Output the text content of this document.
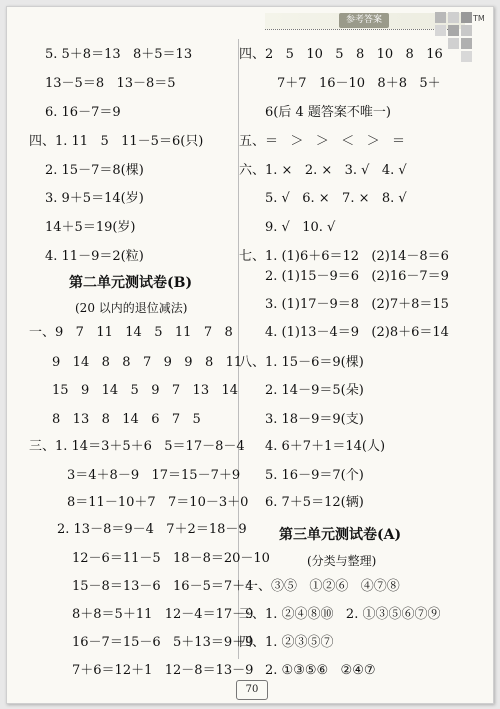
参考答案	TM
5. 5＋8＝13   8＋5＝13
13－5＝8   13－8＝5
6. 16－7＝9
四、1. 11   5   11－5＝6(只)
2. 15－7＝8(棵)
3. 9＋5＝14(岁)
14＋5＝19(岁)
4. 11－9＝2(粒)
9   14   8   8   7   9   9   8   11
15   9   14   5   9   7   13   14
8   13   8   14   6   7   5
三、1. 14＝3＋5＋6   5＝17－8－4
3＝4＋8－9   17＝15－7＋9
8＝11－10＋7   7＝10－3＋0
2. 13－8＝9－4   7＋2＝18－9
12－6＝11－5   18－8＝20－10
15－8＝13－6   16－5＝7＋4
8＋8＝5＋11   12－4＝17－9
16－7＝15－6   5＋13＝9＋9
7＋6＝12＋1   12－8＝13－9
第二单元测试卷(B)
(20 以内的退位减法)
一、9   7   11   14   5   11   7   8
四、2   5   10   5   8   10   8   16
7＋7   16－10   8＋8   5＋
6(后 4 题答案不唯一)
五、＝   ＞   ＞   ＜   ＞   ＝
六、1. ×   2. ×   3. √   4. √
5. √   6. ×   7. ×   8. √
9. √   10. √
七、1. (1)6＋6＝12   (2)14－8＝6
2. (1)15－9＝6   (2)16－7＝9
3. (1)17－9＝8   (2)7＋8＝15
4. (1)13－4＝9   (2)8＋6＝14
八、1. 15－6＝9(棵)
2. 14－9＝5(朵)
3. 18－9＝9(支)
4. 6＋7＋1＝14(人)
5. 16－9＝7(个)
6. 7＋5＝12(辆)
一、③⑤   ①②⑥   ④⑦⑧
三、1. ②④⑧⑩   2. ①③⑤⑥⑦⑨
四、1. ②③⑤⑦
2. ①③⑤⑥   ②④⑦
第三单元测试卷(A)
(分类与整理)
70
